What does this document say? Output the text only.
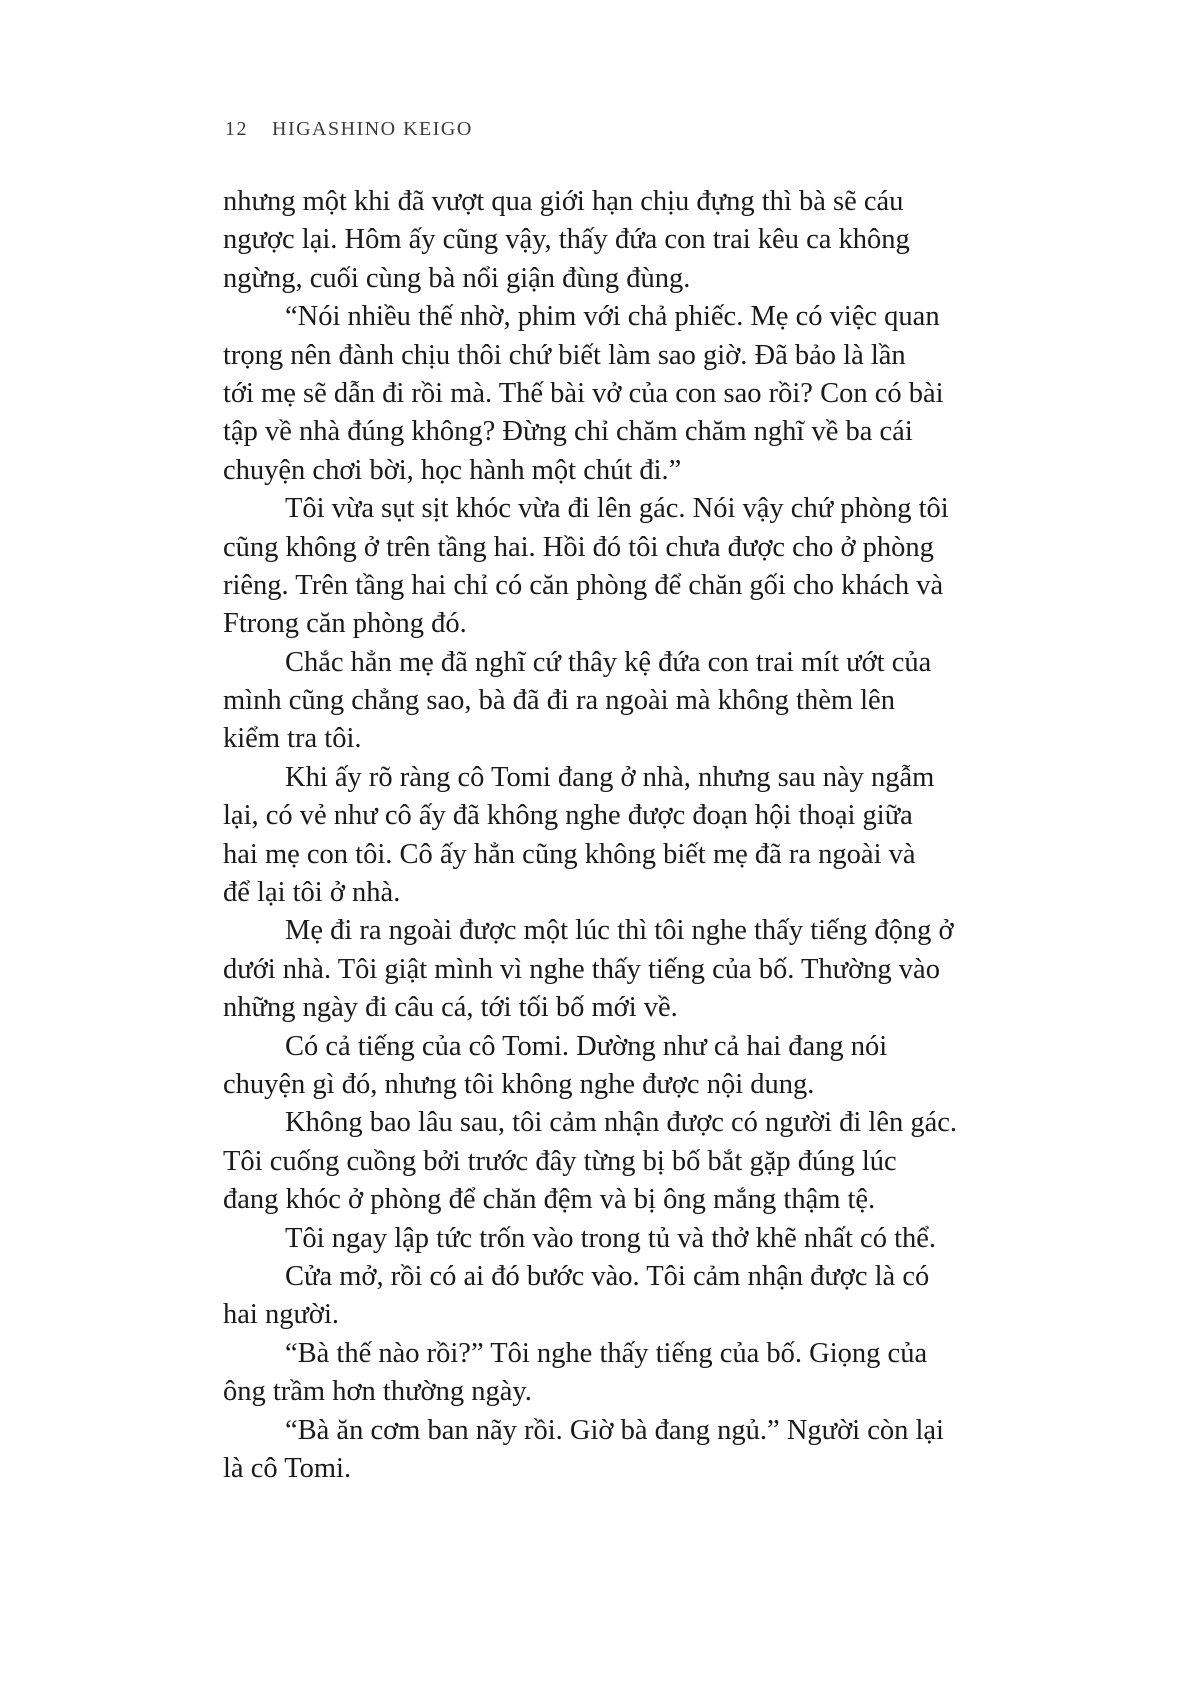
12 HIGASHINO KEIGO
nhưng một khi đã vượt qua giới hạn chịu đựng thì bà sẽ cáu
ngược lại. Hôm ấy cũng vậy, thấy đứa con trai kêu ca không
ngừng, cuối cùng bà nổi giận đùng đùng.
“Nói nhiều thế nhờ, phim với chả phiếc. Mẹ có việc quan
trọng nên đành chịu thôi chứ biết làm sao giờ. Đã bảo là lần
tới mẹ sẽ dẫn đi rồi mà. Thế bài vở của con sao rồi? Con có bài
tập về nhà đúng không? Đừng chỉ chăm chăm nghĩ về ba cái
chuyện chơi bời, học hành một chút đi.”
Tôi vừa sụt sịt khóc vừa đi lên gác. Nói vậy chứ phòng tôi
cũng không ở trên tầng hai. Hồi đó tôi chưa được cho ở phòng
riêng. Trên tầng hai chỉ có căn phòng để chăn gối cho khách và
Ftrong căn phòng đó.
Chắc hẳn mẹ đã nghĩ cứ thây kệ đứa con trai mít ướt của
mình cũng chẳng sao, bà đã đi ra ngoài mà không thèm lên
kiểm tra tôi.
Khi ấy rõ ràng cô Tomi đang ở nhà, nhưng sau này ngẫm
lại, có vẻ như cô ấy đã không nghe được đoạn hội thoại giữa
hai mẹ con tôi. Cô ấy hẳn cũng không biết mẹ đã ra ngoài và
để lại tôi ở nhà.
Mẹ đi ra ngoài được một lúc thì tôi nghe thấy tiếng động ở
dưới nhà. Tôi giật mình vì nghe thấy tiếng của bố. Thường vào
những ngày đi câu cá, tới tối bố mới về.
Có cả tiếng của cô Tomi. Dường như cả hai đang nói
chuyện gì đó, nhưng tôi không nghe được nội dung.
Không bao lâu sau, tôi cảm nhận được có người đi lên gác.
Tôi cuống cuồng bởi trước đây từng bị bố bắt gặp đúng lúc
đang khóc ở phòng để chăn đệm và bị ông mắng thậm tệ.
Tôi ngay lập tức trốn vào trong tủ và thở khẽ nhất có thể.
Cửa mở, rồi có ai đó bước vào. Tôi cảm nhận được là có
hai người.
“Bà thế nào rồi?” Tôi nghe thấy tiếng của bố. Giọng của
ông trầm hơn thường ngày.
“Bà ăn cơm ban nãy rồi. Giờ bà đang ngủ.” Người còn lại
là cô Tomi.
